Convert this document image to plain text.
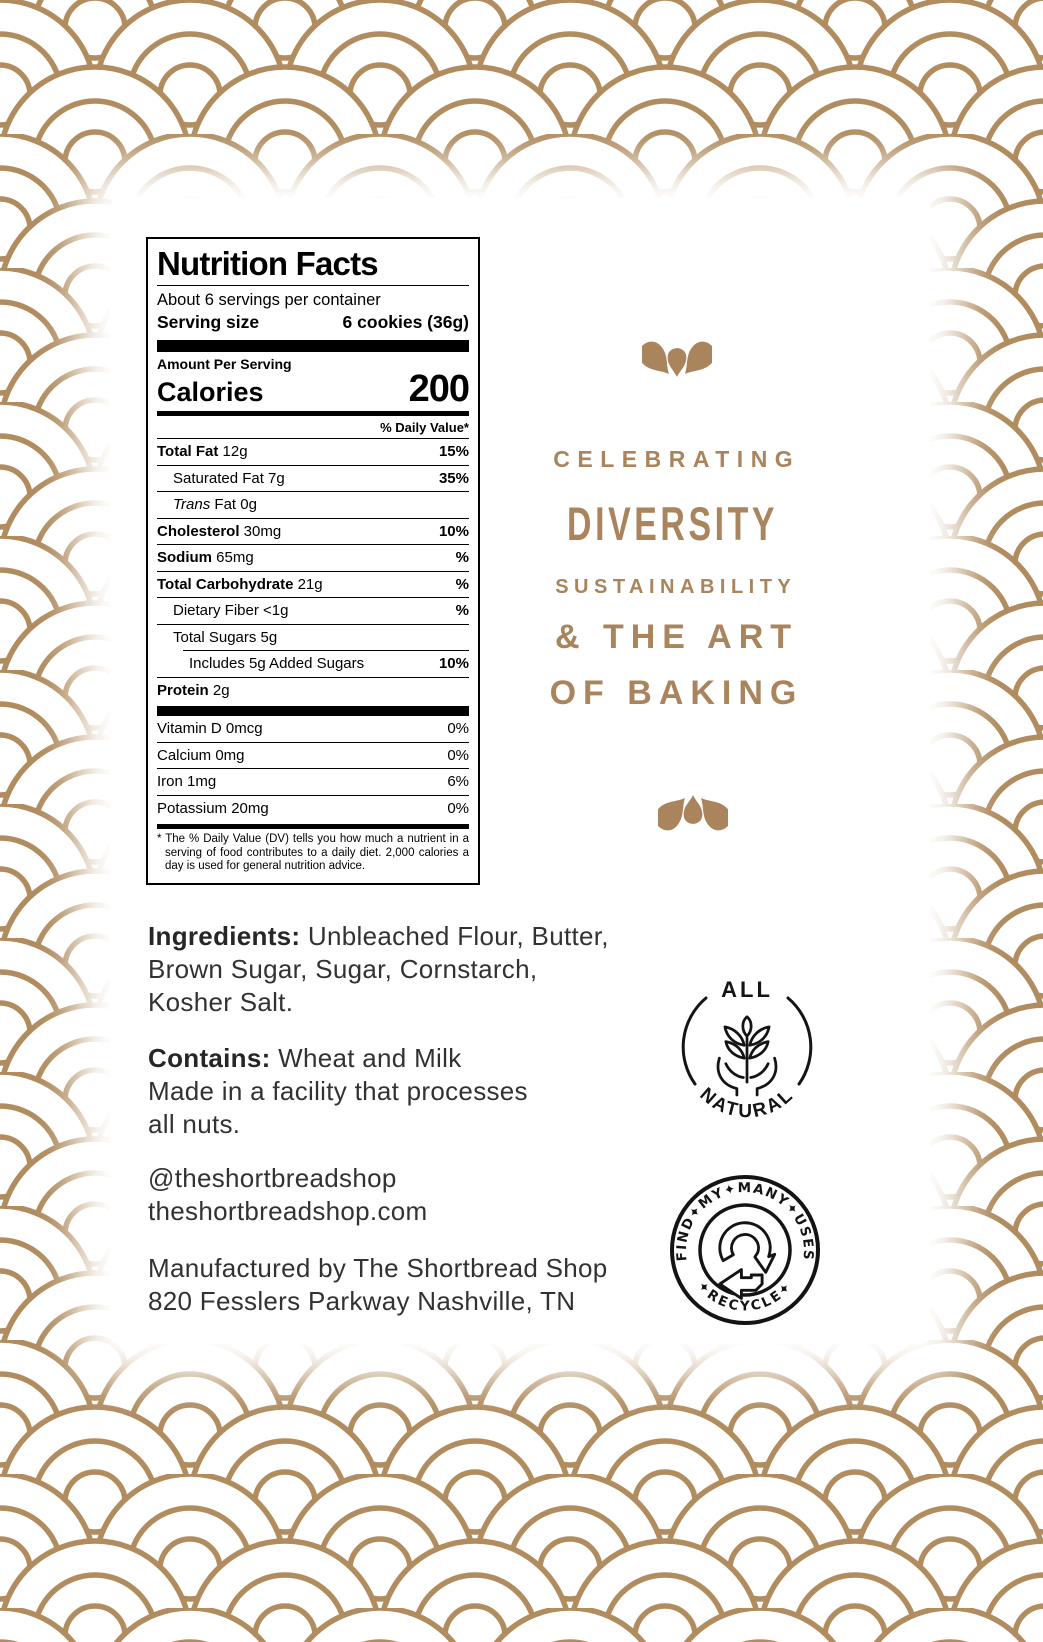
Nutrition Facts
About 6 servings per container
Serving size	6 cookies (36g)
Amount Per Serving
Calories	200
% Daily Value*
Total Fat 12g	15%
Saturated Fat 7g	35%
Trans Fat 0g
Cholesterol 30mg	10%
Sodium 65mg	%
Total Carbohydrate 21g	%
Dietary Fiber <1g	%
Total Sugars 5g
Includes 5g Added Sugars	10%
Protein 2g
Vitamin D 0mcg	0%
Calcium 0mg	0%
Iron 1mg	6%
Potassium 20mg	0%
* The % Daily Value (DV) tells you how much a nutrient in a serving of food contributes to a daily diet. 2,000 calories a day is used for general nutrition advice.
CELEBRATING
DIVERSITY
SUSTAINABILITY
& THE ART
OF BAKING
Ingredients: Unbleached Flour, Butter,
Brown Sugar, Sugar, Cornstarch,
Kosher Salt.
Contains: Wheat and Milk
Made in a facility that processes
all nuts.
@theshortbreadshop
theshortbreadshop.com
Manufactured by The Shortbread Shop
820 Fesslers Parkway Nashville, TN
ALL
NATURAL
✦FIND✦MY✦MANY✦USES✦
✦RECYCLE✦
